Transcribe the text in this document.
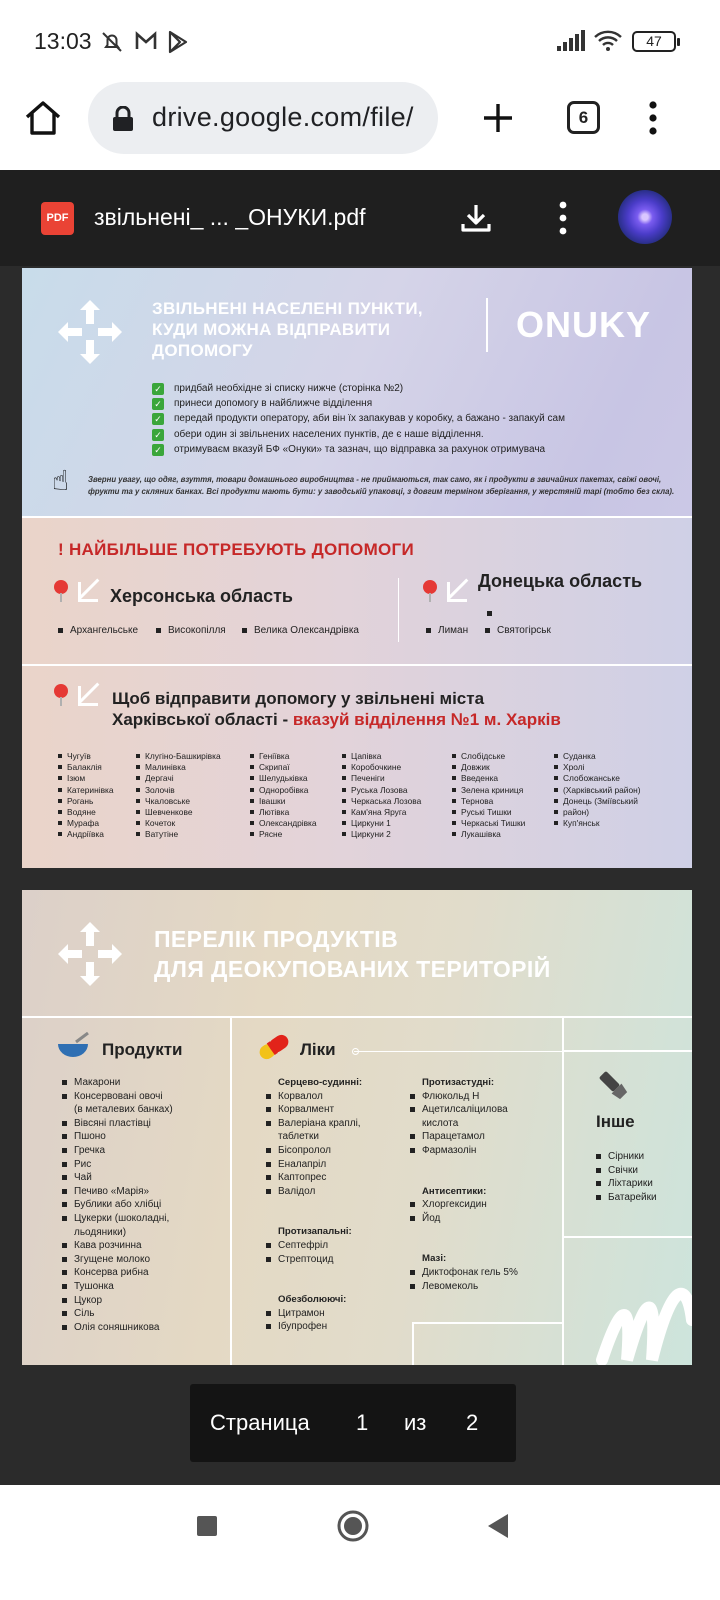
13:03	47
drive.google.com/file/	6
PDF звільнені_ ... _ОНУКИ.pdf
ЗВІЛЬНЕНІ НАСЕЛЕНІ ПУНКТИ,
КУДИ МОЖНА ВІДПРАВИТИ
ДОПОМОГУ
ONUKY
✓ придбай необхідне зі списку нижче (сторінка №2)
✓ принеси допомогу в найближче відділення
✓ передай продукти оператору, аби він їх запакував у коробку, а бажано - запакуй сам
✓ обери один зі звільнених населених пунктів, де є наше відділення.
✓ отримуваєм вказуй БФ «Онуки» та зазнач, що відправка за рахунок отримувача
☝ Зверни увагу, що одяг, взуття, товари домашнього виробництва - не приймаються, так само, як і продукти в звичайних пакетах, свіжі овочі,
фрукти та у скляних банках. Всі продукти мають бути: у заводській упаковці, з довгим терміном зберігання, у жерстяній тарі (тобто без скла).
! НАЙБІЛЬШЕ ПОТРЕБУЮТЬ ДОПОМОГИ
Херсонська область
Архангельське	Високопілля	Велика Олександрівка
Донецька область
Лиман	Святогірськ
Щоб відправити допомогу у звільнені міста
Харківської області - вказуй відділення №1 м. Харків
Чугуїв
Балаклія
Ізюм
Катеринівка
Рогань
Водяне
Мурафа
Андріївка
Клугіно-Башкирівка
Малинівка
Дергачі
Золочів
Чкаловське
Шевченкове
Кочеток
Ватутіне
Геніївка
Скрипаї
Шелудьківка
Одноробівка
Івашки
Лютівка
Олександрівка
Рясне
Цапівка
Коробочкине
Печеніги
Руська Лозова
Черкаська Лозова
Кам'яна Яруга
Циркуни 1
Циркуни 2
Слобідське
Довжик
Введенка
Зелена криниця
Тернова
Руські Тишки
Черкаські Тишки
Лукашівка
Суданка
Хролі
Слобожанське
(Харківський район)
Донець (Зміївський
район)
Куп'янськ
ПЕРЕЛІК ПРОДУКТІВ
ДЛЯ ДЕОКУПОВАНИХ ТЕРИТОРІЙ
Продукти
Макарони
Консервовані овочі
(в металевих банках)
Вівсяні пластівці
Пшоно
Гречка
Рис
Чай
Печиво «Марія»
Бублики або хлібці
Цукерки (шоколадні,
льодяники)
Кава розчинна
Згущене молоко
Консерва рибна
Тушонка
Цукор
Сіль
Олія соняшникова
Ліки
Серцево-судинні:
Корвалол
Корвалмент
Валеріана краплі,
таблетки
Бісопролол
Еналапріл
Каптопрес
Валідол
Протизапальні:
Септефріл
Стрептоцид
Обезболюючі:
Цитрамон
Ібупрофен
Протизастудні:
Флюкольд Н
Ацетилсаліцилова
кислота
Парацетамол
Фармазолін
Антисептики:
Хлоргексидин
Йод
Мазі:
Диктофонак гель 5%
Левомеколь
Інше
Сірники
Свічки
Ліхтарики
Батарейки
Страница 1 из 2
